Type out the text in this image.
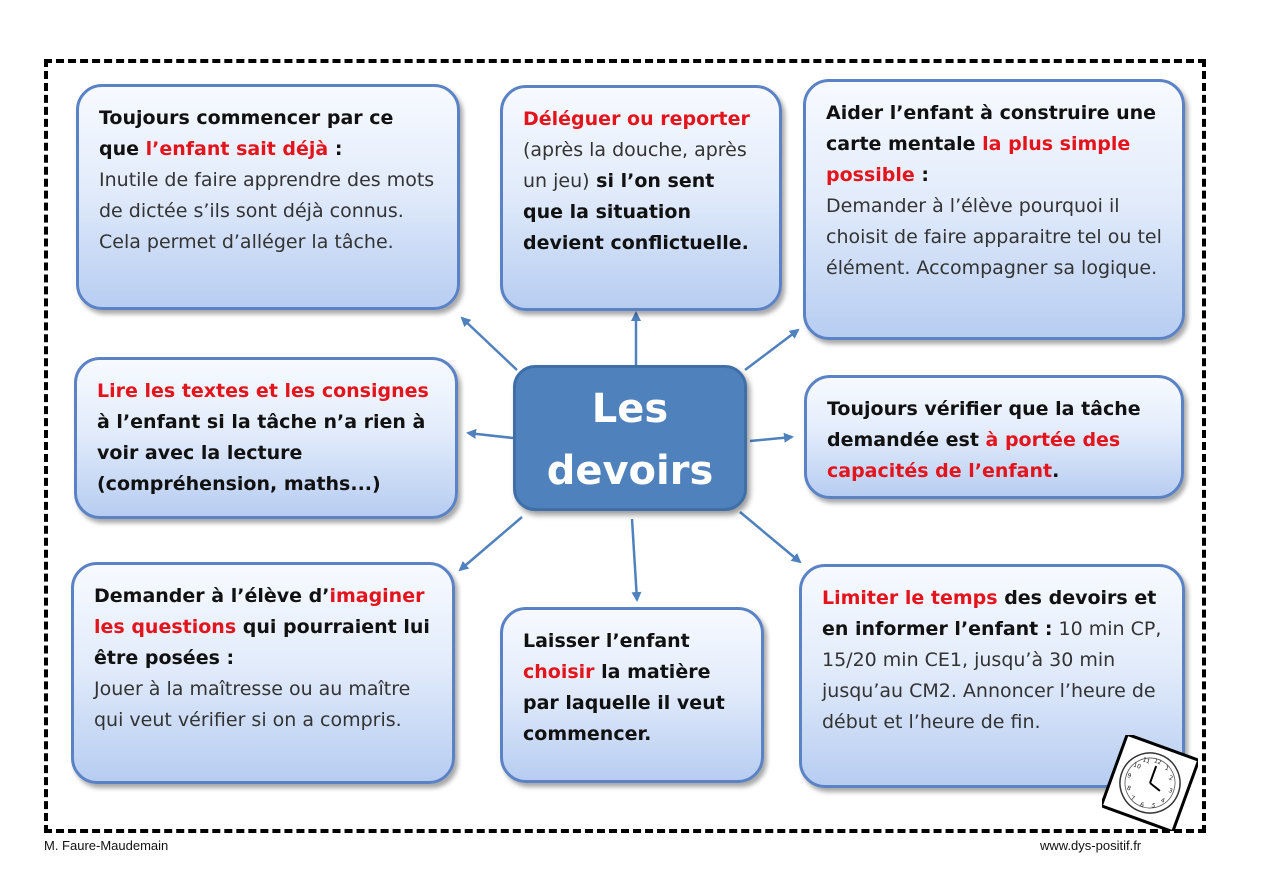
Toujours commencer par ce que l’enfant sait déjà :
Inutile de faire apprendre des mots de dictée s’ils sont déjà connus. Cela permet d’alléger la tâche.
Déléguer ou reporter
(après la douche, après un jeu) si l’on sent que la situation devient conflictuelle.
Aider l’enfant à construire une carte mentale la plus simple possible :
Demander à l’élève pourquoi il choisit de faire apparaitre tel ou tel élément. Accompagner sa logique.
Lire les textes et les consignes à l’enfant si la tâche n’a rien à voir avec la lecture (compréhension, maths...)
Toujours vérifier que la tâche demandée est à portée des capacités de l’enfant.
Demander à l’élève d’imaginer les questions qui pourraient lui être posées :
Jouer à la maîtresse ou au maître qui veut vérifier si on a compris.
Laisser l’enfant choisir la matière par laquelle il veut commencer.
Limiter le temps des devoirs et en informer l’enfant : 10 min CP, 15/20 min CE1, jusqu’à 30 min jusqu’au CM2. Annoncer l’heure de début et l’heure de fin.
Les
devoirs
12
1
2
3
4
5
6
7
8
9
10
11
M. Faure-Maudemain	www.dys-positif.fr
